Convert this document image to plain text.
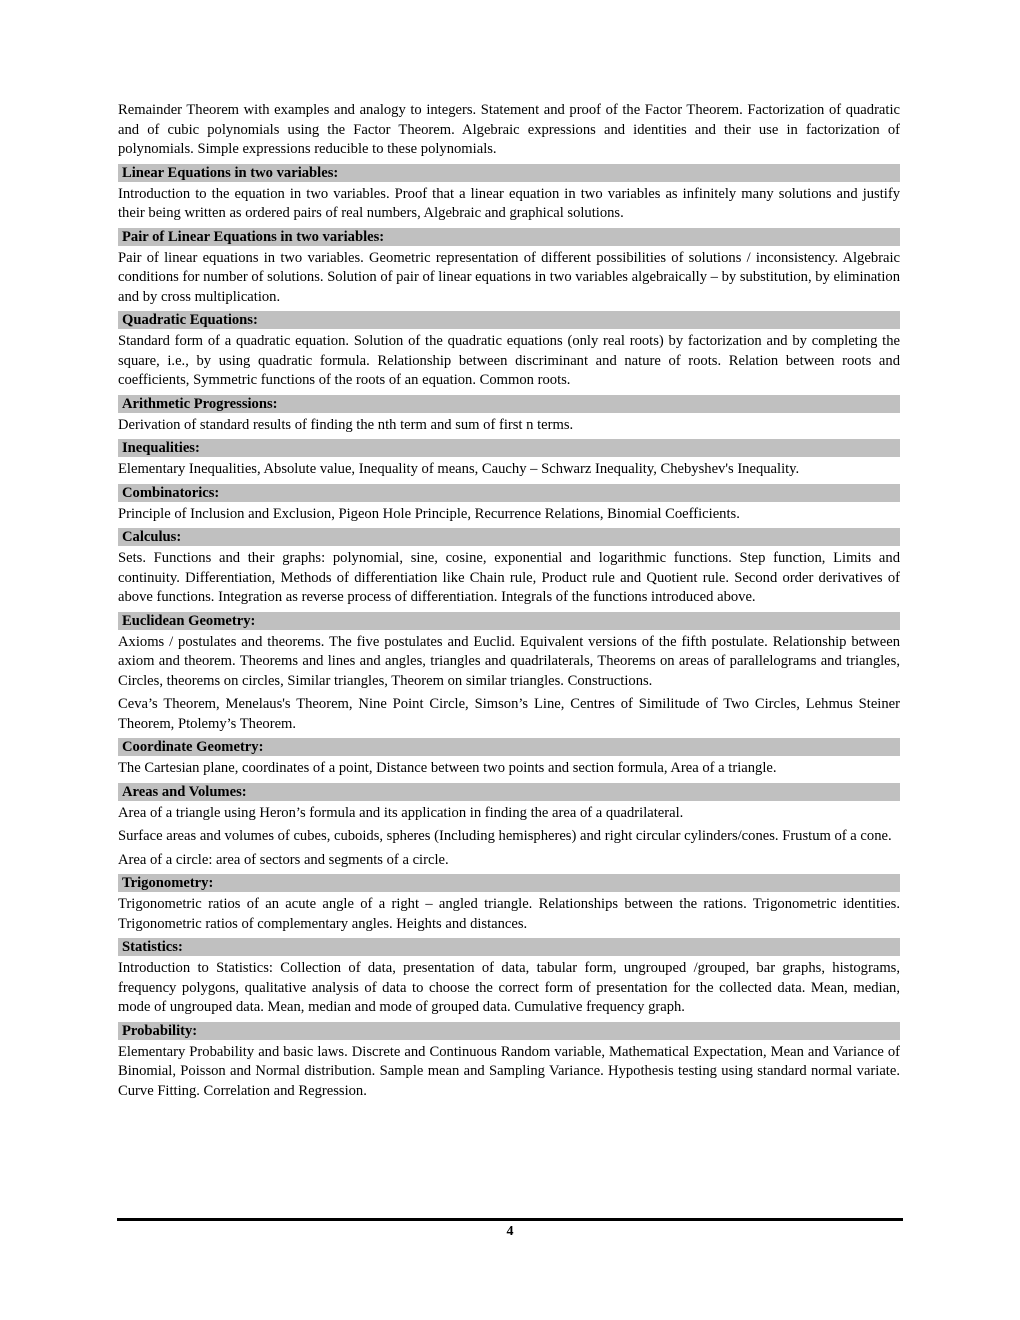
Remainder Theorem with examples and analogy to integers. Statement and proof of the Factor Theorem. Factorization of quadratic and of cubic polynomials using the Factor Theorem. Algebraic expressions and identities and their use in factorization of polynomials. Simple expressions reducible to these polynomials.

Linear Equations in two variables:

Introduction to the equation in two variables. Proof that a linear equation in two variables as infinitely many solutions and justify their being written as ordered pairs of real numbers, Algebraic and graphical solutions.

Pair of Linear Equations in two variables:

Pair of linear equations in two variables. Geometric representation of different possibilities of solutions / inconsistency. Algebraic conditions for number of solutions. Solution of pair of linear equations in two variables algebraically – by substitution, by elimination and by cross multiplication.

Quadratic Equations:

Standard form of a quadratic equation. Solution of the quadratic equations (only real roots) by factorization and by completing the square, i.e., by using quadratic formula. Relationship between discriminant and nature of roots. Relation between roots and coefficients, Symmetric functions of the roots of an equation. Common roots.

Arithmetic Progressions:

Derivation of standard results of finding the nth term and sum of first n terms.

Inequalities:

Elementary Inequalities, Absolute value, Inequality of means, Cauchy – Schwarz Inequality, Chebyshev's Inequality.

Combinatorics:

Principle of Inclusion and Exclusion, Pigeon Hole Principle, Recurrence Relations, Binomial Coefficients.

Calculus:

Sets. Functions and their graphs: polynomial, sine, cosine, exponential and logarithmic functions. Step function, Limits and continuity. Differentiation, Methods of differentiation like Chain rule, Product rule and Quotient rule. Second order derivatives of above functions. Integration as reverse process of differentiation. Integrals of the functions introduced above.

Euclidean Geometry:

Axioms / postulates and theorems. The five postulates and Euclid. Equivalent versions of the fifth postulate. Relationship between axiom and theorem. Theorems and lines and angles, triangles and quadrilaterals, Theorems on areas of parallelograms and triangles, Circles, theorems on circles, Similar triangles, Theorem on similar triangles. Constructions.

Ceva’s Theorem, Menelaus's Theorem, Nine Point Circle, Simson’s Line, Centres of Similitude of Two Circles, Lehmus Steiner Theorem, Ptolemy’s Theorem.

Coordinate Geometry:

The Cartesian plane, coordinates of a point, Distance between two points and section formula, Area of a triangle.

Areas and Volumes:

Area of a triangle using Heron’s formula and its application in finding the area of a quadrilateral.

Surface areas and volumes of cubes, cuboids, spheres (Including hemispheres) and right circular cylinders/cones. Frustum of a cone.

Area of a circle: area of sectors and segments of a circle.

Trigonometry:

Trigonometric ratios of an acute angle of a right – angled triangle. Relationships between the rations. Trigonometric identities. Trigonometric ratios of complementary angles. Heights and distances.

Statistics:

Introduction to Statistics: Collection of data, presentation of data, tabular form, ungrouped /grouped, bar graphs, histograms, frequency polygons, qualitative analysis of data to choose the correct form of presentation for the collected data. Mean, median, mode of ungrouped data. Mean, median and mode of grouped data. Cumulative frequency graph.

Probability:

Elementary Probability and basic laws. Discrete and Continuous Random variable, Mathematical Expectation, Mean and Variance of Binomial, Poisson and Normal distribution. Sample mean and Sampling Variance. Hypothesis testing using standard normal variate. Curve Fitting. Correlation and Regression.

4
